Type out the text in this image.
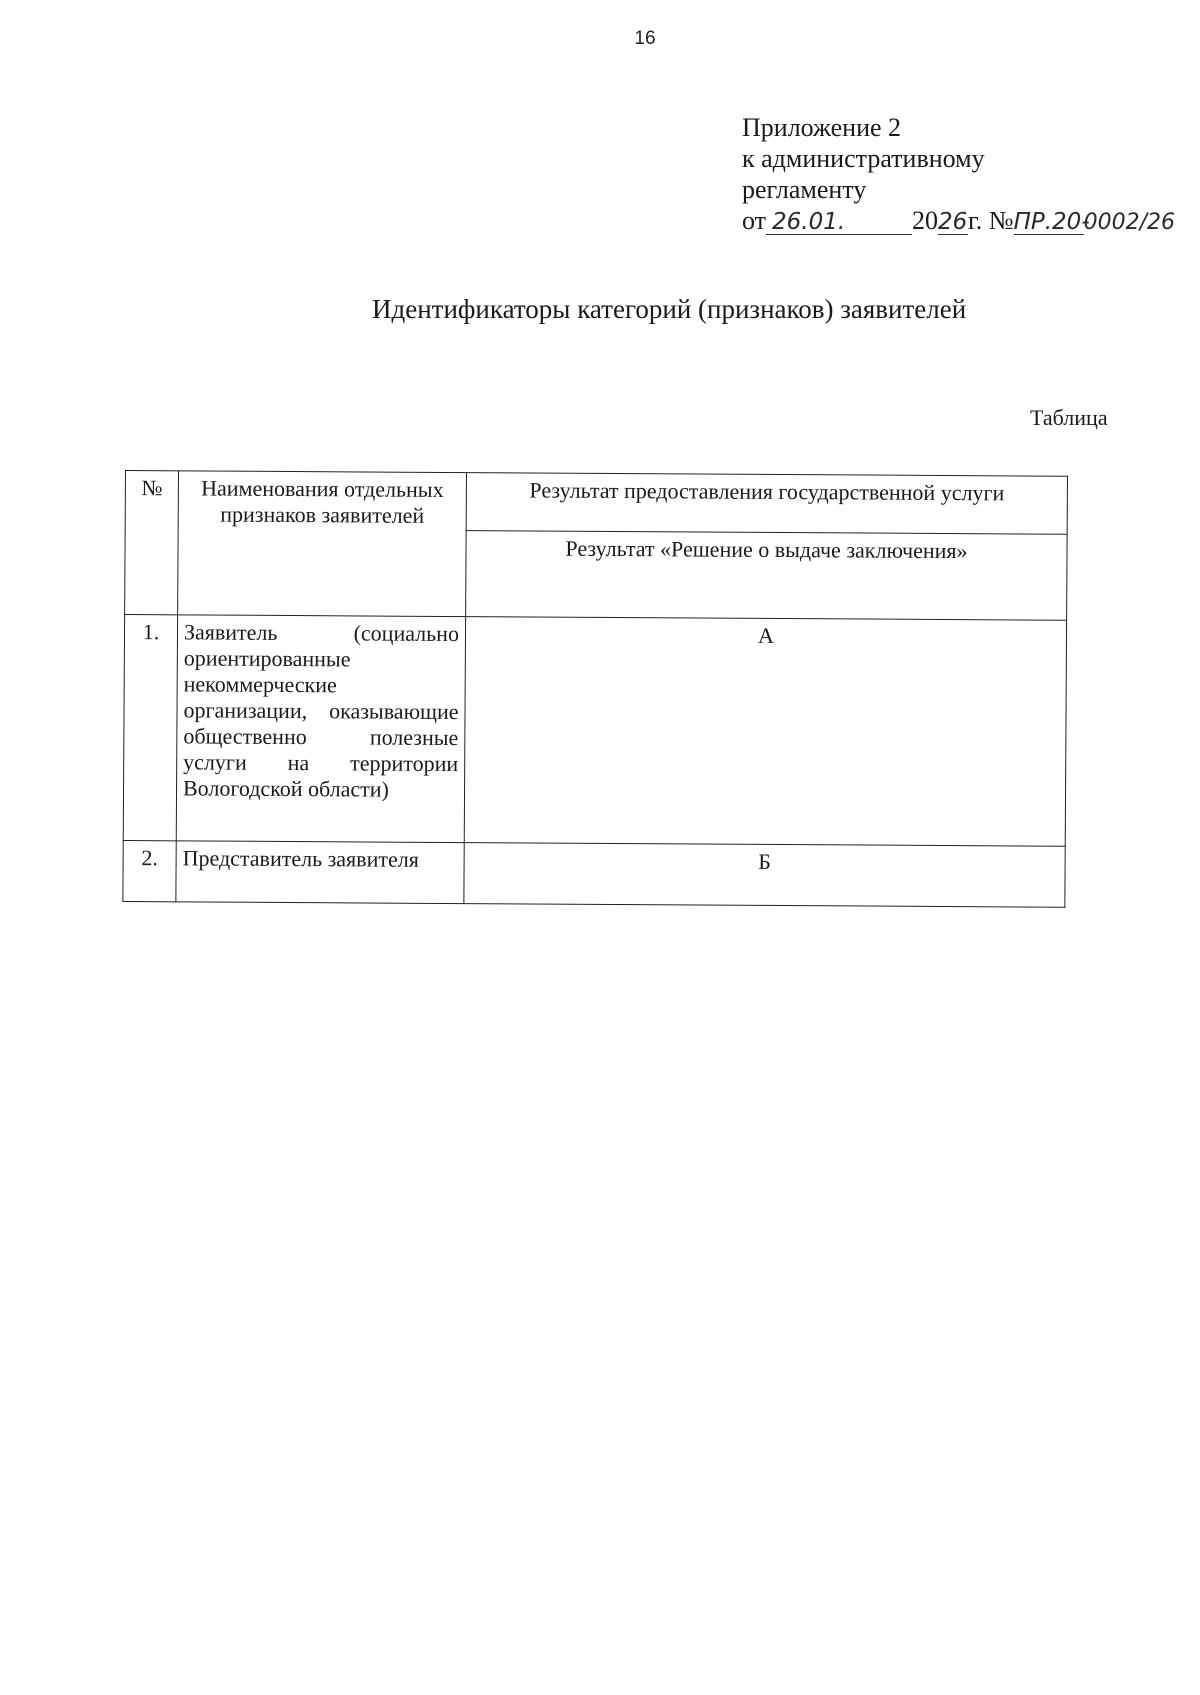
16
Приложение 2
к административному
регламенту
от 26.01.	2026г. №ПР.20-0002/26
Идентификаторы категорий (признаков) заявителей
Таблица
№	Наименования отдельных признаков заявителей	Результат предоставления государственной услуги
		Результат «Решение о выдаче заключения»
1.	Заявитель (социально ориентированные некоммерческие организации, оказывающие общественно полезные услуги на территории Вологодской области)	А
2.	Представитель заявителя	Б
